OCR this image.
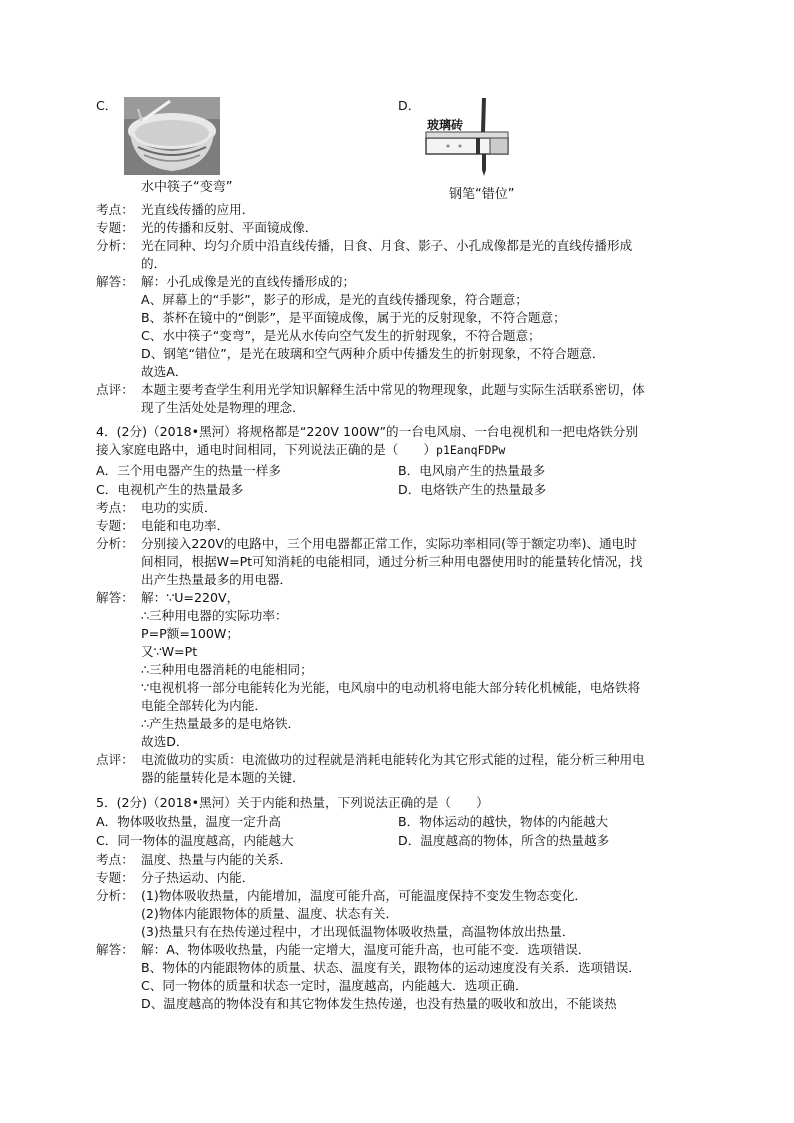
C．
水中筷子“变弯”
D．
玻璃砖
钢笔“错位”
考点： 光直线传播的应用．
专题： 光的传播和反射、平面镜成像．
分析： 光在同种、均匀介质中沿直线传播，日食、月食、影子、小孔成像都是光的直线传播形成
的．
解答： 解：小孔成像是光的直线传播形成的；
A、屏幕上的“手影”，影子的形成，是光的直线传播现象，符合题意；
B、茶杯在镜中的“倒影”，是平面镜成像，属于光的反射现象，不符合题意；
C、水中筷子“变弯”，是光从水传向空气发生的折射现象，不符合题意；
D、钢笔“错位”，是光在玻璃和空气两种介质中传播发生的折射现象，不符合题意．
故选A．
点评： 本题主要考查学生利用光学知识解释生活中常见的物理现象，此题与实际生活联系密切，体
现了生活处处是物理的理念．
4．(2分)（2018•黑河）将规格都是“220V 100W”的一台电风扇、一台电视机和一把电烙铁分别
接入家庭电路中，通电时间相同，下列说法正确的是（　　）p1EanqFDPw
A．三个用电器产生的热量一样多	B．电风扇产生的热量最多
C．电视机产生的热量最多	D．电烙铁产生的热量最多
考点： 电功的实质．
专题： 电能和电功率．
分析： 分别接入220V的电路中，三个用电器都正常工作，实际功率相同(等于额定功率)、通电时
间相同，根据W=Pt可知消耗的电能相同，通过分析三种用电器使用时的能量转化情况，找
出产生热量最多的用电器．
解答： 解：∵U=220V，
∴三种用电器的实际功率：
P=P额=100W；
又∵W=Pt
∴三种用电器消耗的电能相同；
∵电视机将一部分电能转化为光能，电风扇中的电动机将电能大部分转化机械能，电烙铁将
电能全部转化为内能．
∴产生热量最多的是电烙铁．
故选D．
点评： 电流做功的实质：电流做功的过程就是消耗电能转化为其它形式能的过程，能分析三种用电
器的能量转化是本题的关键．
5．(2分)（2018•黑河）关于内能和热量，下列说法正确的是（　　）
A．物体吸收热量，温度一定升高	B．物体运动的越快，物体的内能越大
C．同一物体的温度越高，内能越大	D．温度越高的物体，所含的热量越多
考点： 温度、热量与内能的关系．
专题： 分子热运动、内能．
分析： (1)物体吸收热量，内能增加，温度可能升高，可能温度保持不变发生物态变化．
(2)物体内能跟物体的质量、温度、状态有关．
(3)热量只有在热传递过程中，才出现低温物体吸收热量，高温物体放出热量．
解答： 解：A、物体吸收热量，内能一定增大，温度可能升高，也可能不变．选项错误．
B、物体的内能跟物体的质量、状态、温度有关，跟物体的运动速度没有关系．选项错误．
C、同一物体的质量和状态一定时，温度越高，内能越大．选项正确．
D、温度越高的物体没有和其它物体发生热传递，也没有热量的吸收和放出，不能谈热
